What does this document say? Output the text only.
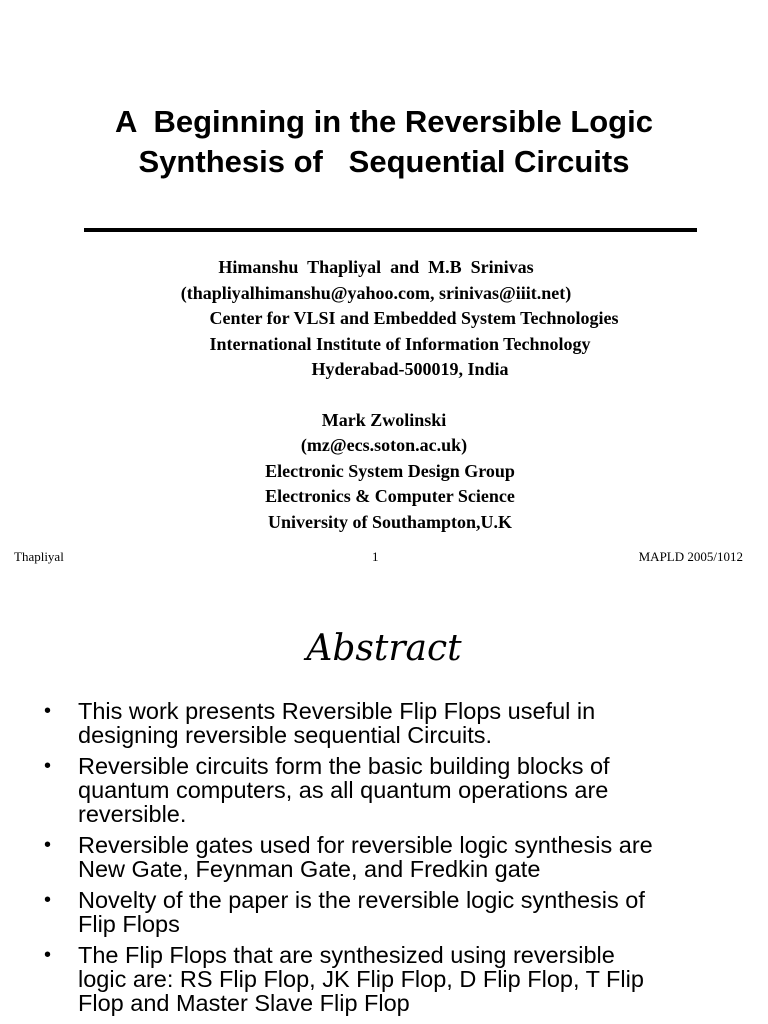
A  Beginning in the Reversible Logic
Synthesis of   Sequential Circuits
Himanshu  Thapliyal  and  M.B  Srinivas
(thapliyalhimanshu@yahoo.com, srinivas@iiit.net)
Center for VLSI and Embedded System Technologies
International Institute of Information Technology
Hyderabad-500019, India
Mark Zwolinski
(mz@ecs.soton.ac.uk)
Electronic System Design Group
Electronics & Computer Science
University of Southampton,U.K
Thapliyal	1	MAPLD 2005/1012
Abstract
• This work presents Reversible Flip Flops useful in
designing reversible sequential Circuits.
• Reversible circuits form the basic building blocks of
quantum computers, as all quantum operations are
reversible.
• Reversible gates used for reversible logic synthesis are
New Gate, Feynman Gate, and Fredkin gate
• Novelty of the paper is the reversible logic synthesis of
Flip Flops
• The Flip Flops that are synthesized using reversible
logic are: RS Flip Flop, JK Flip Flop, D Flip Flop, T Flip
Flop and Master Slave Flip Flop
